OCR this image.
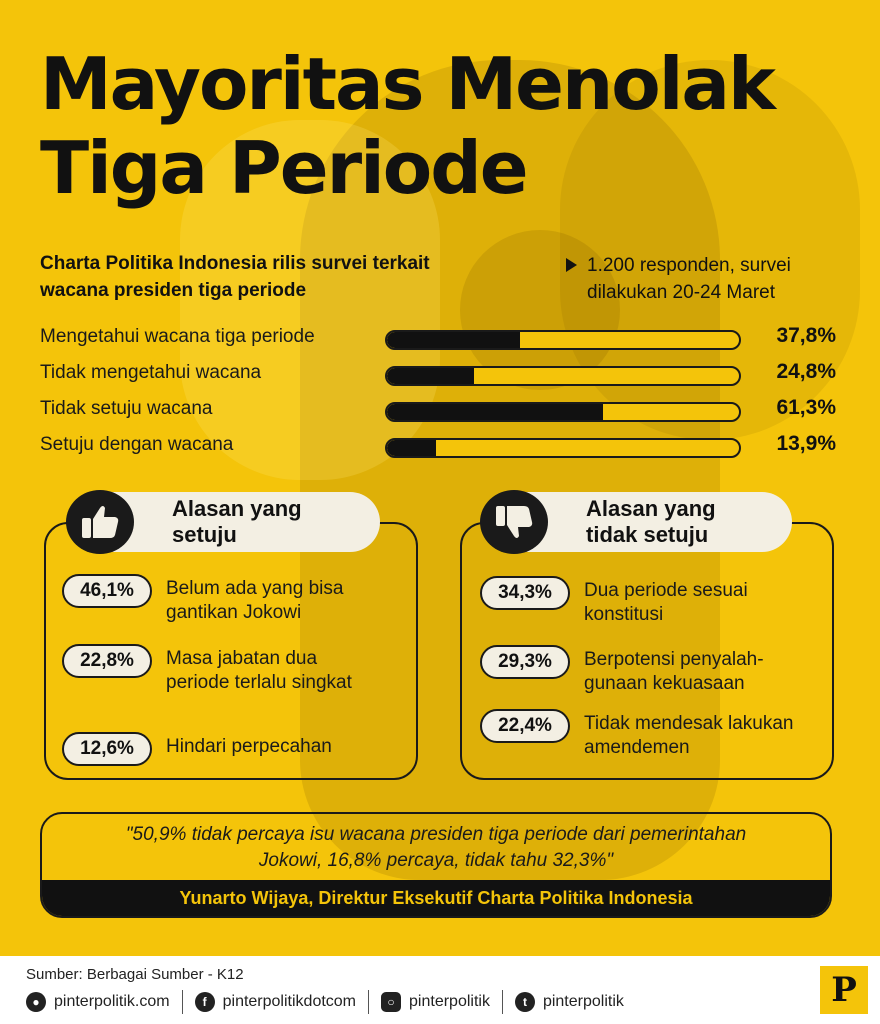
Mayoritas Menolak Tiga Periode
Charta Politika Indonesia rilis survei terkait wacana presiden tiga periode
1.200 responden, survei dilakukan 20-24 Maret
Mengetahui wacana tiga periode	37,8%
Tidak mengetahui wacana	24,8%
Tidak setuju wacana	61,3%
Setuju dengan wacana	13,9%
Alasan yang setuju
46,1%	Belum ada yang bisa gantikan Jokowi
22,8%	Masa jabatan dua periode terlalu singkat
12,6%	Hindari perpecahan
Alasan yang tidak setuju
34,3%	Dua periode sesuai konstitusi
29,3%	Berpotensi penyalah-gunaan kekuasaan
22,4%	Tidak mendesak lakukan amendemen
"50,9% tidak percaya isu wacana presiden tiga periode dari pemerintahan Jokowi, 16,8% percaya, tidak tahu 32,3%"
Yunarto Wijaya, Direktur Eksekutif Charta Politika Indonesia
Sumber: Berbagai Sumber - K12
● pinterpolitik.com	f	pinterpolitikdotcom	○ pinterpolitik	t	pinterpolitik	P
